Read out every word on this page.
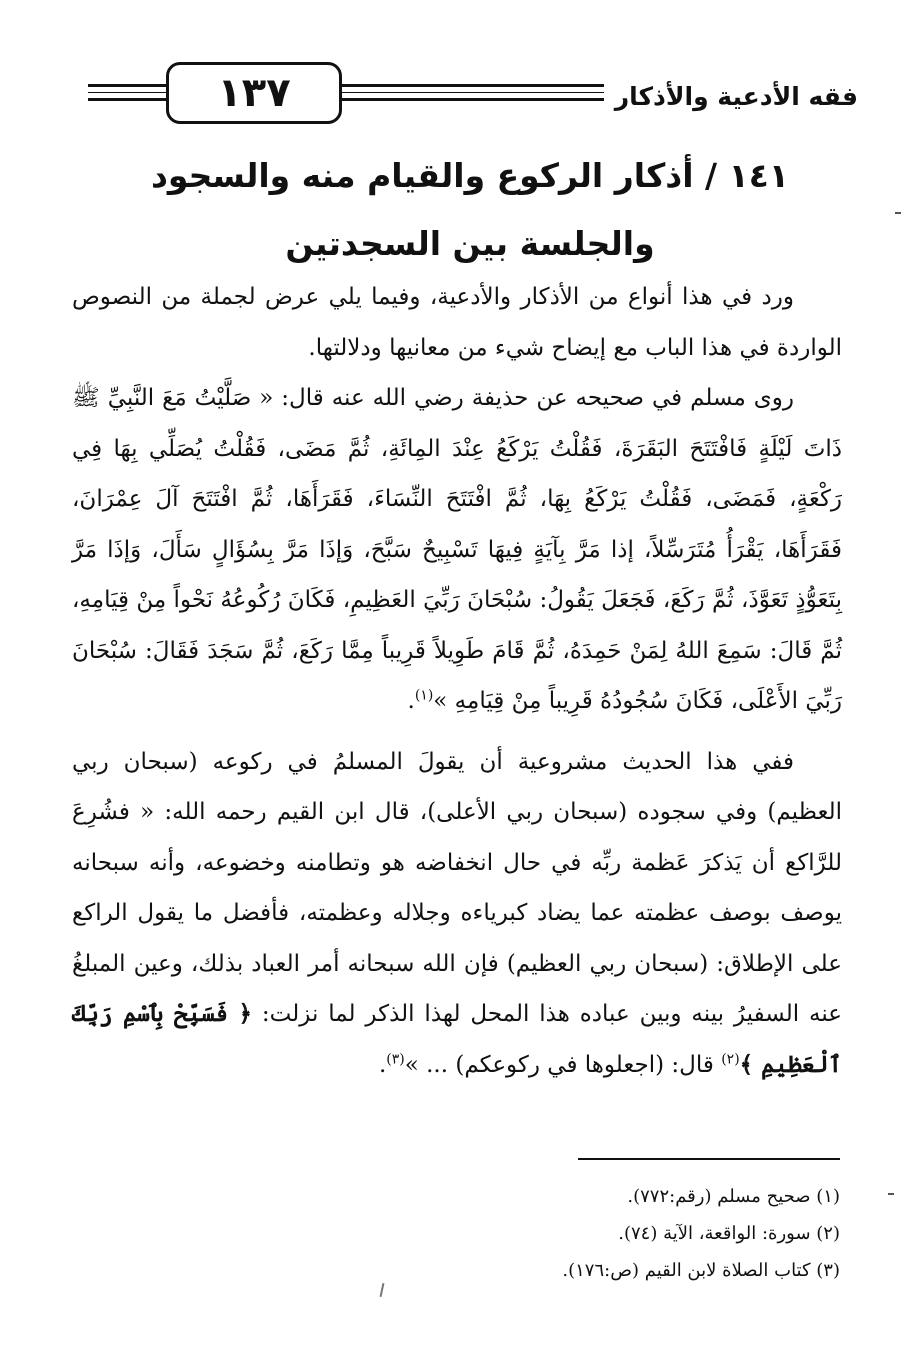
١٣٧	فقه الأدعية والأذكار
١٤١ / أذكار الركوع والقيام منه والسجود والجلسة بين السجدتين

ورد في هذا أنواع من الأذكار والأدعية، وفيما يلي عرض لجملة من النصوص الواردة في هذا الباب مع إيضاح شيء من معانيها ودلالتها.

روى مسلم في صحيحه عن حذيفة رضي الله عنه قال: « صَلَّيْتُ مَعَ النَّبِيِّ ﷺ ذَاتَ لَيْلَةٍ فَافْتَتَحَ البَقَرَةَ، فَقُلْتُ يَرْكَعُ عِنْدَ المِائَةِ، ثُمَّ مَضَى، فَقُلْتُ يُصَلِّي بِهَا فِي رَكْعَةٍ، فَمَضَى، فَقُلْتُ يَرْكَعُ بِهَا، ثُمَّ افْتَتَحَ النِّسَاءَ، فَقَرَأَهَا، ثُمَّ افْتَتَحَ آلَ عِمْرَانَ، فَقَرَأَهَا، يَقْرَأُ مُتَرَسِّلاً، إذا مَرَّ بِآيَةٍ فِيهَا تَسْبِيحٌ سَبَّحَ، وَإذَا مَرَّ بِسُؤَالٍ سَأَلَ، وَإذَا مَرَّ بِتَعَوُّذٍ تَعَوَّذَ، ثُمَّ رَكَعَ، فَجَعَلَ يَقُولُ: سُبْحَانَ رَبِّيَ العَظِيمِ، فَكَانَ رُكُوعُهُ نَحْواً مِنْ قِيَامِهِ، ثُمَّ قَالَ: سَمِعَ اللهُ لِمَنْ حَمِدَهُ، ثُمَّ قَامَ طَوِيلاً قَرِيباً مِمَّا رَكَعَ، ثُمَّ سَجَدَ فَقَالَ: سُبْحَانَ رَبِّيَ الأَعْلَى، فَكَانَ سُجُودُهُ قَرِيباً مِنْ قِيَامِهِ »$^{(١)}$.

ففي هذا الحديث مشروعية أن يقولَ المسلمُ في ركوعه (سبحان ربي العظيم) وفي سجوده (سبحان ربي الأعلى)، قال ابن القيم رحمه الله: « فشُرِعَ للرَّاكع أن يَذكرَ عَظمة ربِّه في حال انخفاضه هو وتطامنه وخضوعه، وأنه سبحانه يوصف بوصف عظمته عما يضاد كبرياءه وجلاله وعظمته، فأفضل ما يقول الراكع على الإطلاق: (سبحان ربي العظيم) فإن الله سبحانه أمر العباد بذلك، وعين المبلغُ عنه السفيرُ بينه وبين عباده هذا المحل لهذا الذكر لما نزلت: ﴿ فَسَبِّحْ بِٱسْمِ رَبِّكَ ٱلْعَظِيمِ ﴾$^{(٢)}$ قال: (اجعلوها في ركوعكم) ... »$^{(٣)}$.

(١) صحيح مسلم (رقم:٧٧٢).
(٢) سورة: الواقعة، الآية (٧٤).
(٣) كتاب الصلاة لابن القيم (ص:١٧٦).
